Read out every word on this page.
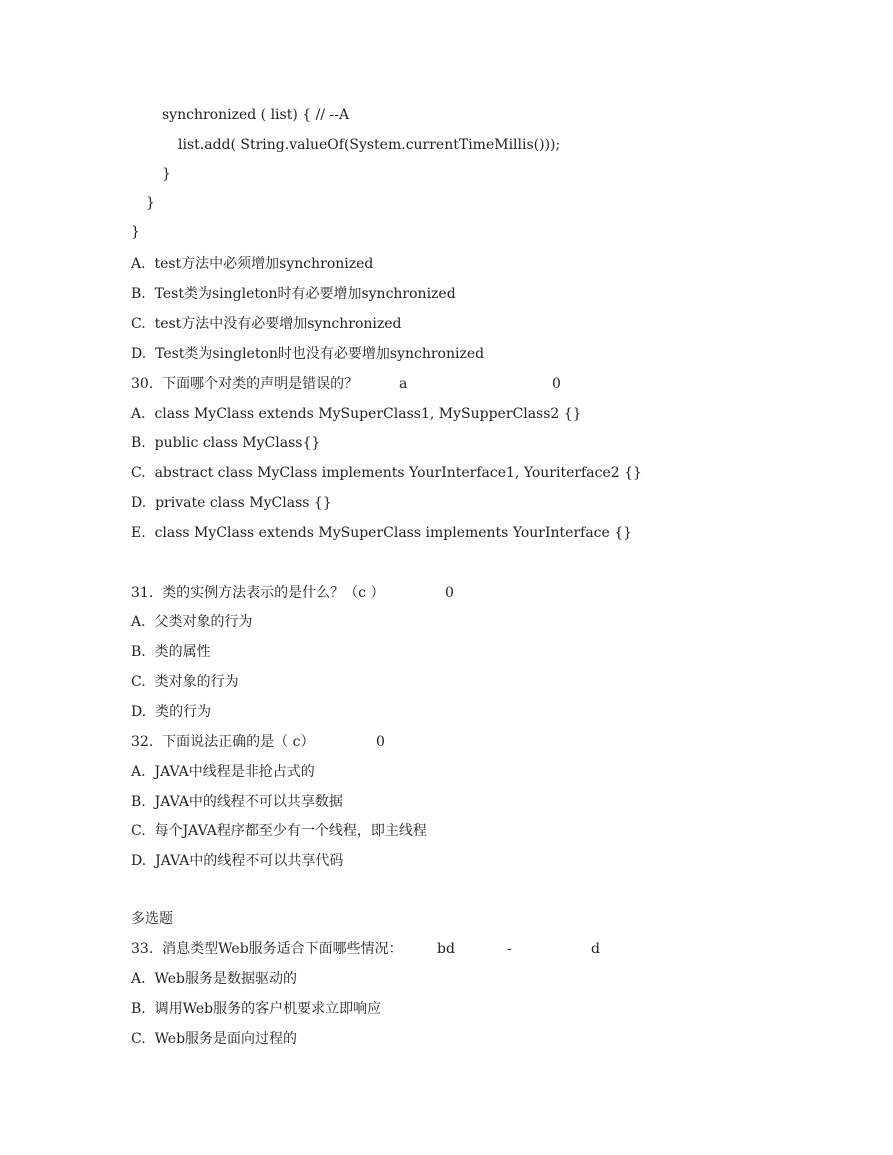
synchronized ( list) { // --A
list.add( String.valueOf(System.currentTimeMillis()));
}
}
}
A.  test方法中必须增加synchronized
B.  Test类为singleton时有必要增加synchronized
C.  test方法中没有必要增加synchronized
D.  Test类为singleton时也没有必要增加synchronized
30.  下面哪个对类的声明是错误的？	a	0
A.  class MyClass extends MySuperClass1, MySupperClass2 {}
B.  public class MyClass{}
C.  abstract class MyClass implements YourInterface1, Youriterface2 {}
D.  private class MyClass {}
E.  class MyClass extends MySuperClass implements YourInterface {}
31.  类的实例方法表示的是什么？（c ）	0
A.  父类对象的行为
B.  类的属性
C.  类对象的行为
D.  类的行为
32.  下面说法正确的是（ c）	0
A.  JAVA中线程是非抢占式的
B.  JAVA中的线程不可以共享数据
C.  每个JAVA程序都至少有一个线程，即主线程
D.  JAVA中的线程不可以共享代码
多选题
33.  消息类型Web服务适合下面哪些情况： bd	-	d
A.  Web服务是数据驱动的
B.  调用Web服务的客户机要求立即响应
C.  Web服务是面向过程的
